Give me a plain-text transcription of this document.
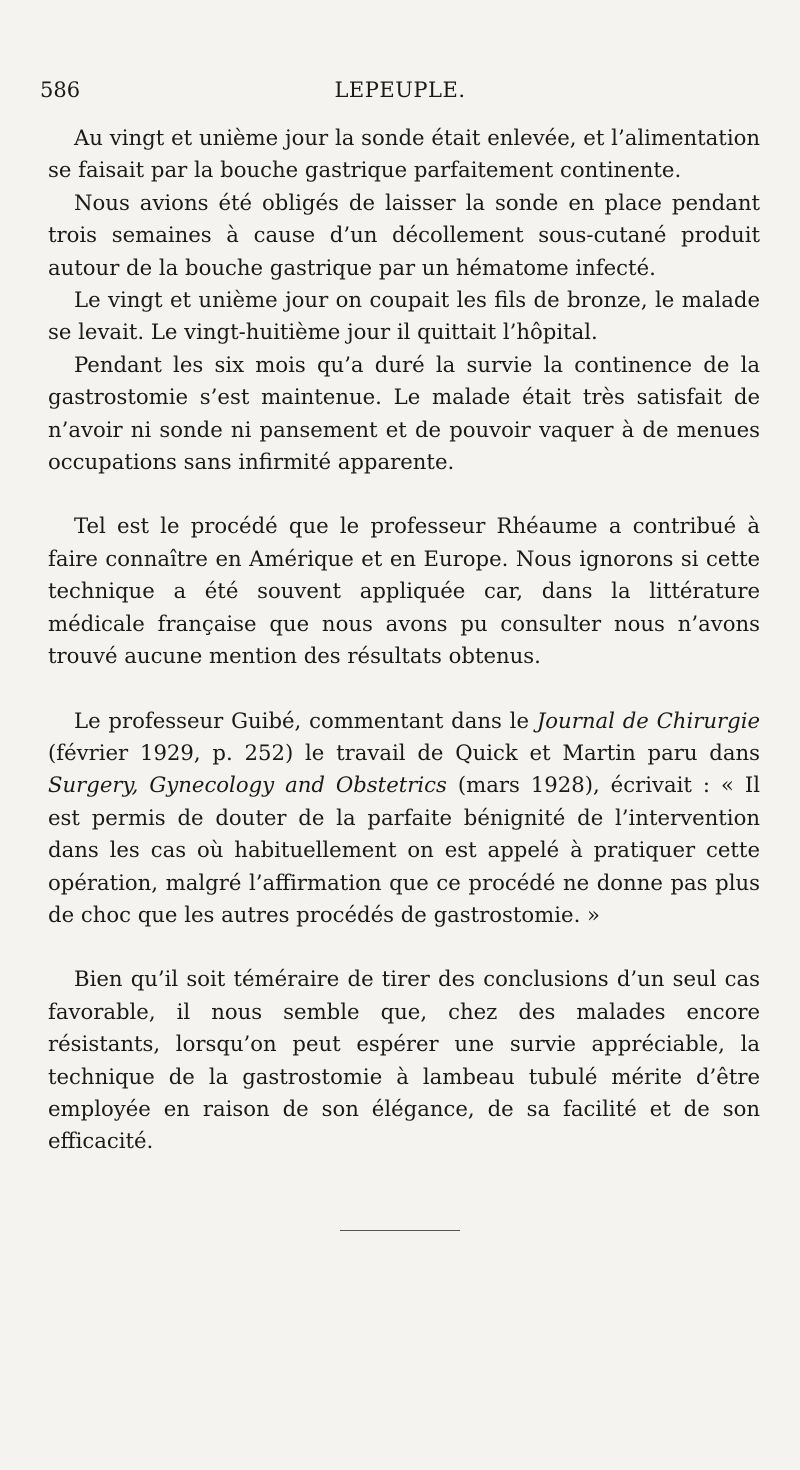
586	LEPEUPLE.

Au vingt et unième jour la sonde était enlevée, et l’alimentation se faisait par la bouche gastrique parfaitement continente.

Nous avions été obligés de laisser la sonde en place pendant trois semaines à cause d’un décollement sous-cutané produit autour de la bouche gastrique par un hématome infecté.

Le vingt et unième jour on coupait les fils de bronze, le malade se levait. Le vingt-huitième jour il quittait l’hôpital.

Pendant les six mois qu’a duré la survie la continence de la gastrostomie s’est maintenue. Le malade était très satisfait de n’avoir ni sonde ni pansement et de pouvoir vaquer à de menues occupations sans infirmité apparente.

Tel est le procédé que le professeur Rhéaume a contribué à faire connaître en Amérique et en Europe. Nous ignorons si cette technique a été souvent appliquée car, dans la littérature médicale française que nous avons pu consulter nous n’avons trouvé aucune mention des résultats obtenus.

Le professeur Guibé, commentant dans le Journal de Chirurgie (février 1929, p. 252) le travail de Quick et Martin paru dans Surgery, Gynecology and Obstetrics (mars 1928), écrivait : « Il est permis de douter de la parfaite bénignité de l’intervention dans les cas où habituellement on est appelé à pratiquer cette opération, malgré l’affirmation que ce procédé ne donne pas plus de choc que les autres procédés de gastrostomie. »

Bien qu’il soit téméraire de tirer des conclusions d’un seul cas favorable, il nous semble que, chez des malades encore résistants, lorsqu’on peut espérer une survie appréciable, la technique de la gastrostomie à lambeau tubulé mérite d’être employée en raison de son élégance, de sa facilité et de son efficacité.
